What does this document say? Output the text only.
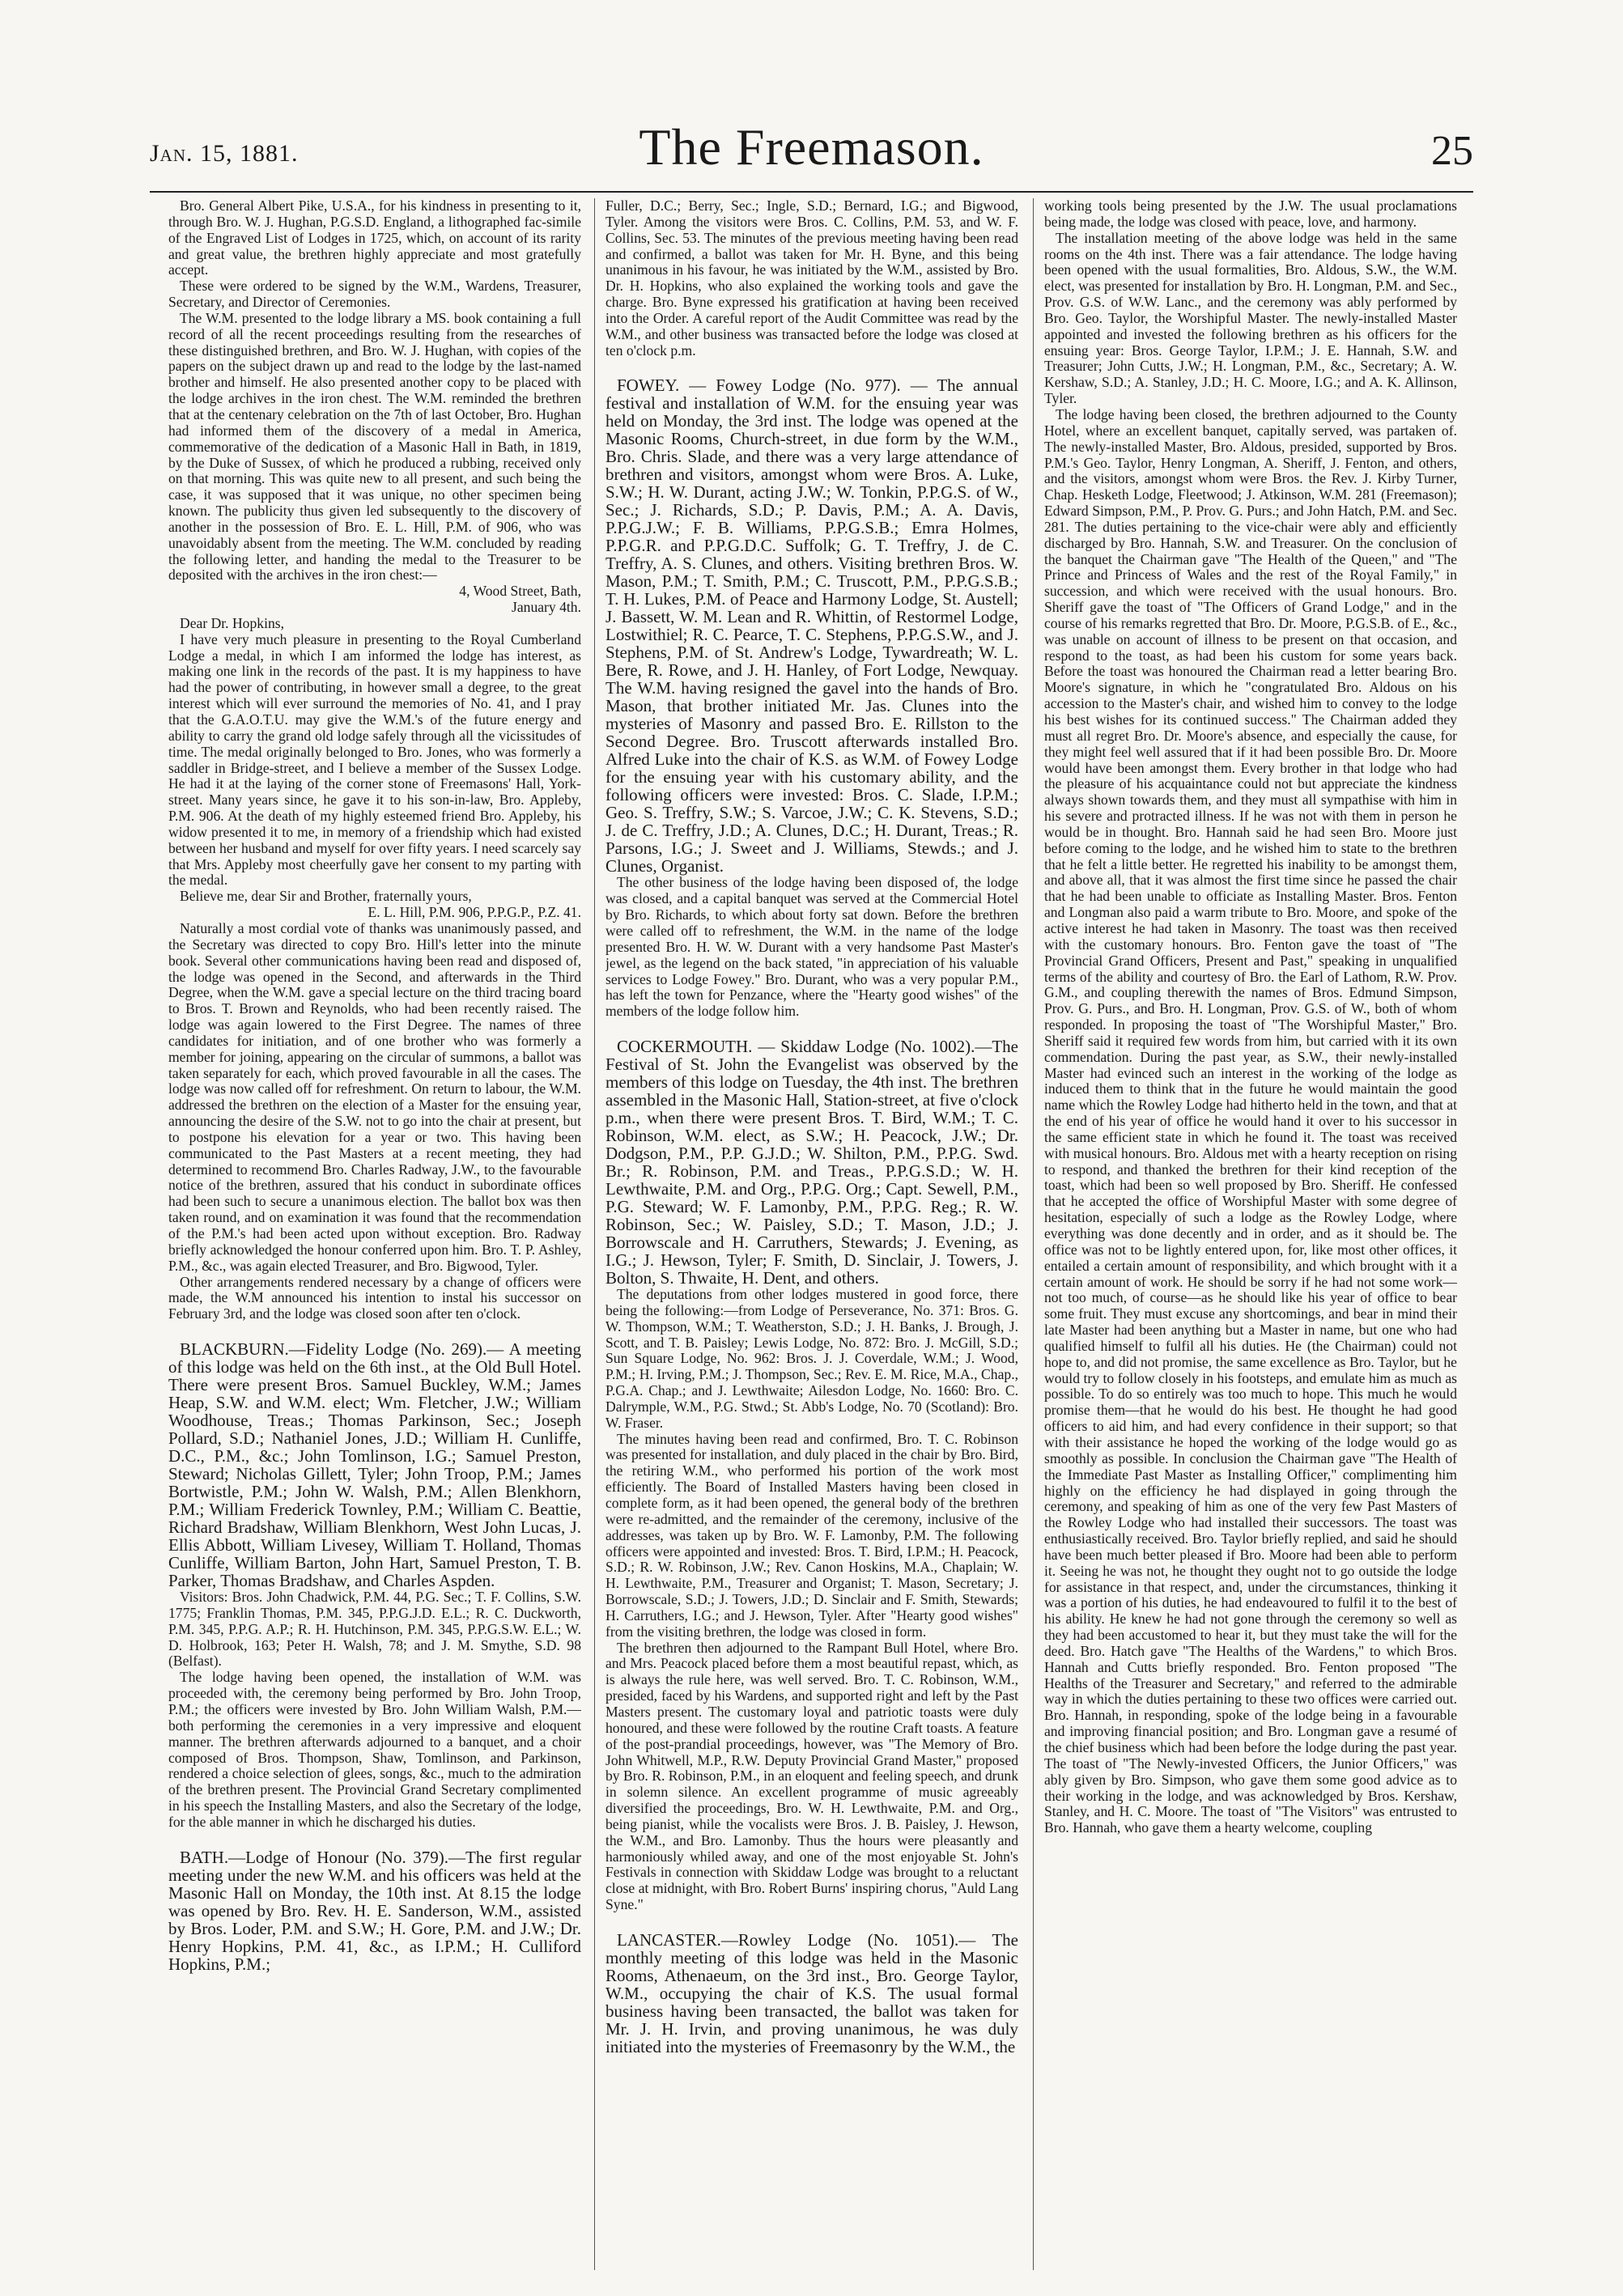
Jan. 15, 1881.	The Freemason.	25

Bro. General Albert Pike, U.S.A., for his kindness in presenting to it, through Bro. W. J. Hughan, P.G.S.D. England, a lithographed fac-simile of the Engraved List of Lodges in 1725, which, on account of its rarity and great value, the brethren highly appreciate and most gratefully accept.

These were ordered to be signed by the W.M., Wardens, Treasurer, Secretary, and Director of Ceremonies.

The W.M. presented to the lodge library a MS. book containing a full record of all the recent proceedings resulting from the researches of these distinguished brethren, and Bro. W. J. Hughan, with copies of the papers on the subject drawn up and read to the lodge by the last-named brother and himself. He also presented another copy to be placed with the lodge archives in the iron chest. The W.M. reminded the brethren that at the centenary celebration on the 7th of last October, Bro. Hughan had informed them of the discovery of a medal in America, commemorative of the dedication of a Masonic Hall in Bath, in 1819, by the Duke of Sussex, of which he produced a rubbing, received only on that morning. This was quite new to all present, and such being the case, it was supposed that it was unique, no other specimen being known. The publicity thus given led subsequently to the discovery of another in the possession of Bro. E. L. Hill, P.M. of 906, who was unavoidably absent from the meeting. The W.M. concluded by reading the following letter, and handing the medal to the Treasurer to be deposited with the archives in the iron chest:—

4, Wood Street, Bath,

January 4th.

Dear Dr. Hopkins,

I have very much pleasure in presenting to the Royal Cumberland Lodge a medal, in which I am informed the lodge has interest, as making one link in the records of the past. It is my happiness to have had the power of contributing, in however small a degree, to the great interest which will ever surround the memories of No. 41, and I pray that the G.A.O.T.U. may give the W.M.'s of the future energy and ability to carry the grand old lodge safely through all the vicissitudes of time. The medal originally belonged to Bro. Jones, who was formerly a saddler in Bridge-street, and I believe a member of the Sussex Lodge. He had it at the laying of the corner stone of Freemasons' Hall, York-street. Many years since, he gave it to his son-in-law, Bro. Appleby, P.M. 906. At the death of my highly esteemed friend Bro. Appleby, his widow presented it to me, in memory of a friendship which had existed between her husband and myself for over fifty years. I need scarcely say that Mrs. Appleby most cheerfully gave her consent to my parting with the medal.

Believe me, dear Sir and Brother, fraternally yours,

E. L. Hill, P.M. 906, P.P.G.P., P.Z. 41.

Naturally a most cordial vote of thanks was unanimously passed, and the Secretary was directed to copy Bro. Hill's letter into the minute book. Several other communications having been read and disposed of, the lodge was opened in the Second, and afterwards in the Third Degree, when the W.M. gave a special lecture on the third tracing board to Bros. T. Brown and Reynolds, who had been recently raised. The lodge was again lowered to the First Degree. The names of three candidates for initiation, and of one brother who was formerly a member for joining, appearing on the circular of summons, a ballot was taken separately for each, which proved favourable in all the cases. The lodge was now called off for refreshment. On return to labour, the W.M. addressed the brethren on the election of a Master for the ensuing year, announcing the desire of the S.W. not to go into the chair at present, but to postpone his elevation for a year or two. This having been communicated to the Past Masters at a recent meeting, they had determined to recommend Bro. Charles Radway, J.W., to the favourable notice of the brethren, assured that his conduct in subordinate offices had been such to secure a unanimous election. The ballot box was then taken round, and on examination it was found that the recommendation of the P.M.'s had been acted upon without exception. Bro. Radway briefly acknowledged the honour conferred upon him. Bro. T. P. Ashley, P.M., &c., was again elected Treasurer, and Bro. Bigwood, Tyler.

Other arrangements rendered necessary by a change of officers were made, the W.M announced his intention to instal his successor on February 3rd, and the lodge was closed soon after ten o'clock.

BLACKBURN.—Fidelity Lodge (No. 269).— A meeting of this lodge was held on the 6th inst., at the Old Bull Hotel. There were present Bros. Samuel Buckley, W.M.; James Heap, S.W. and W.M. elect; Wm. Fletcher, J.W.; William Woodhouse, Treas.; Thomas Parkinson, Sec.; Joseph Pollard, S.D.; Nathaniel Jones, J.D.; William H. Cunliffe, D.C., P.M., &c.; John Tomlinson, I.G.; Samuel Preston, Steward; Nicholas Gillett, Tyler; John Troop, P.M.; James Bortwistle, P.M.; John W. Walsh, P.M.; Allen Blenkhorn, P.M.; William Frederick Townley, P.M.; William C. Beattie, Richard Bradshaw, William Blenkhorn, West John Lucas, J. Ellis Abbott, William Livesey, William T. Holland, Thomas Cunliffe, William Barton, John Hart, Samuel Preston, T. B. Parker, Thomas Bradshaw, and Charles Aspden.

Visitors: Bros. John Chadwick, P.M. 44, P.G. Sec.; T. F. Collins, S.W. 1775; Franklin Thomas, P.M. 345, P.P.G.J.D. E.L.; R. C. Duckworth, P.M. 345, P.P.G. A.P.; R. H. Hutchinson, P.M. 345, P.P.G.S.W. E.L.; W. D. Holbrook, 163; Peter H. Walsh, 78; and J. M. Smythe, S.D. 98 (Belfast).

The lodge having been opened, the installation of W.M. was proceeded with, the ceremony being performed by Bro. John Troop, P.M.; the officers were invested by Bro. John William Walsh, P.M.—both performing the ceremonies in a very impressive and eloquent manner. The brethren afterwards adjourned to a banquet, and a choir composed of Bros. Thompson, Shaw, Tomlinson, and Parkinson, rendered a choice selection of glees, songs, &c., much to the admiration of the brethren present. The Provincial Grand Secretary complimented in his speech the Installing Masters, and also the Secretary of the lodge, for the able manner in which he discharged his duties.

BATH.—Lodge of Honour (No. 379).—The first regular meeting under the new W.M. and his officers was held at the Masonic Hall on Monday, the 10th inst. At 8.15 the lodge was opened by Bro. Rev. H. E. Sanderson, W.M., assisted by Bros. Loder, P.M. and S.W.; H. Gore, P.M. and J.W.; Dr. Henry Hopkins, P.M. 41, &c., as I.P.M.; H. Culliford Hopkins, P.M.;

Fuller, D.C.; Berry, Sec.; Ingle, S.D.; Bernard, I.G.; and Bigwood, Tyler. Among the visitors were Bros. C. Collins, P.M. 53, and W. F. Collins, Sec. 53. The minutes of the previous meeting having been read and confirmed, a ballot was taken for Mr. H. Byne, and this being unanimous in his favour, he was initiated by the W.M., assisted by Bro. Dr. H. Hopkins, who also explained the working tools and gave the charge. Bro. Byne expressed his gratification at having been received into the Order. A careful report of the Audit Committee was read by the W.M., and other business was transacted before the lodge was closed at ten o'clock p.m.

FOWEY. — Fowey Lodge (No. 977). — The annual festival and installation of W.M. for the ensuing year was held on Monday, the 3rd inst. The lodge was opened at the Masonic Rooms, Church-street, in due form by the W.M., Bro. Chris. Slade, and there was a very large attendance of brethren and visitors, amongst whom were Bros. A. Luke, S.W.; H. W. Durant, acting J.W.; W. Tonkin, P.P.G.S. of W., Sec.; J. Richards, S.D.; P. Davis, P.M.; A. A. Davis, P.P.G.J.W.; F. B. Williams, P.P.G.S.B.; Emra Holmes, P.P.G.R. and P.P.G.D.C. Suffolk; G. T. Treffry, J. de C. Treffry, A. S. Clunes, and others. Visiting brethren Bros. W. Mason, P.M.; T. Smith, P.M.; C. Truscott, P.M., P.P.G.S.B.; T. H. Lukes, P.M. of Peace and Harmony Lodge, St. Austell; J. Bassett, W. M. Lean and R. Whittin, of Restormel Lodge, Lostwithiel; R. C. Pearce, T. C. Stephens, P.P.G.S.W., and J. Stephens, P.M. of St. Andrew's Lodge, Tywardreath; W. L. Bere, R. Rowe, and J. H. Hanley, of Fort Lodge, Newquay. The W.M. having resigned the gavel into the hands of Bro. Mason, that brother initiated Mr. Jas. Clunes into the mysteries of Masonry and passed Bro. E. Rillston to the Second Degree. Bro. Truscott afterwards installed Bro. Alfred Luke into the chair of K.S. as W.M. of Fowey Lodge for the ensuing year with his customary ability, and the following officers were invested: Bros. C. Slade, I.P.M.; Geo. S. Treffry, S.W.; S. Varcoe, J.W.; C. K. Stevens, S.D.; J. de C. Treffry, J.D.; A. Clunes, D.C.; H. Durant, Treas.; R. Parsons, I.G.; J. Sweet and J. Williams, Stewds.; and J. Clunes, Organist.

The other business of the lodge having been disposed of, the lodge was closed, and a capital banquet was served at the Commercial Hotel by Bro. Richards, to which about forty sat down. Before the brethren were called off to refreshment, the W.M. in the name of the lodge presented Bro. H. W. W. Durant with a very handsome Past Master's jewel, as the legend on the back stated, "in appreciation of his valuable services to Lodge Fowey." Bro. Durant, who was a very popular P.M., has left the town for Penzance, where the "Hearty good wishes" of the members of the lodge follow him.

COCKERMOUTH. — Skiddaw Lodge (No. 1002).—The Festival of St. John the Evangelist was observed by the members of this lodge on Tuesday, the 4th inst. The brethren assembled in the Masonic Hall, Station-street, at five o'clock p.m., when there were present Bros. T. Bird, W.M.; T. C. Robinson, W.M. elect, as S.W.; H. Peacock, J.W.; Dr. Dodgson, P.M., P.P. G.J.D.; W. Shilton, P.M., P.P.G. Swd. Br.; R. Robinson, P.M. and Treas., P.P.G.S.D.; W. H. Lewthwaite, P.M. and Org., P.P.G. Org.; Capt. Sewell, P.M., P.G. Steward; W. F. Lamonby, P.M., P.P.G. Reg.; R. W. Robinson, Sec.; W. Paisley, S.D.; T. Mason, J.D.; J. Borrowscale and H. Carruthers, Stewards; J. Evening, as I.G.; J. Hewson, Tyler; F. Smith, D. Sinclair, J. Towers, J. Bolton, S. Thwaite, H. Dent, and others.

The deputations from other lodges mustered in good force, there being the following:—from Lodge of Perseverance, No. 371: Bros. G. W. Thompson, W.M.; T. Weatherston, S.D.; J. H. Banks, J. Brough, J. Scott, and T. B. Paisley; Lewis Lodge, No. 872: Bro. J. McGill, S.D.; Sun Square Lodge, No. 962: Bros. J. J. Coverdale, W.M.; J. Wood, P.M.; H. Irving, P.M.; J. Thompson, Sec.; Rev. E. M. Rice, M.A., Chap., P.G.A. Chap.; and J. Lewthwaite; Ailesdon Lodge, No. 1660: Bro. C. Dalrymple, W.M., P.G. Stwd.; St. Abb's Lodge, No. 70 (Scotland): Bro. W. Fraser.

The minutes having been read and confirmed, Bro. T. C. Robinson was presented for installation, and duly placed in the chair by Bro. Bird, the retiring W.M., who performed his portion of the work most efficiently. The Board of Installed Masters having been closed in complete form, as it had been opened, the general body of the brethren were re-admitted, and the remainder of the ceremony, inclusive of the addresses, was taken up by Bro. W. F. Lamonby, P.M. The following officers were appointed and invested: Bros. T. Bird, I.P.M.; H. Peacock, S.D.; R. W. Robinson, J.W.; Rev. Canon Hoskins, M.A., Chaplain; W. H. Lewthwaite, P.M., Treasurer and Organist; T. Mason, Secretary; J. Borrowscale, S.D.; J. Towers, J.D.; D. Sinclair and F. Smith, Stewards; H. Carruthers, I.G.; and J. Hewson, Tyler. After "Hearty good wishes" from the visiting brethren, the lodge was closed in form.

The brethren then adjourned to the Rampant Bull Hotel, where Bro. and Mrs. Peacock placed before them a most beautiful repast, which, as is always the rule here, was well served. Bro. T. C. Robinson, W.M., presided, faced by his Wardens, and supported right and left by the Past Masters present. The customary loyal and patriotic toasts were duly honoured, and these were followed by the routine Craft toasts. A feature of the post-prandial proceedings, however, was "The Memory of Bro. John Whitwell, M.P., R.W. Deputy Provincial Grand Master," proposed by Bro. R. Robinson, P.M., in an eloquent and feeling speech, and drunk in solemn silence. An excellent programme of music agreeably diversified the proceedings, Bro. W. H. Lewthwaite, P.M. and Org., being pianist, while the vocalists were Bros. J. B. Paisley, J. Hewson, the W.M., and Bro. Lamonby. Thus the hours were pleasantly and harmoniously whiled away, and one of the most enjoyable St. John's Festivals in connection with Skiddaw Lodge was brought to a reluctant close at midnight, with Bro. Robert Burns' inspiring chorus, "Auld Lang Syne."

LANCASTER.—Rowley Lodge (No. 1051).— The monthly meeting of this lodge was held in the Masonic Rooms, Athenaeum, on the 3rd inst., Bro. George Taylor, W.M., occupying the chair of K.S. The usual formal business having been transacted, the ballot was taken for Mr. J. H. Irvin, and proving unanimous, he was duly initiated into the mysteries of Freemasonry by the W.M., the

working tools being presented by the J.W. The usual proclamations being made, the lodge was closed with peace, love, and harmony.

The installation meeting of the above lodge was held in the same rooms on the 4th inst. There was a fair attendance. The lodge having been opened with the usual formalities, Bro. Aldous, S.W., the W.M. elect, was presented for installation by Bro. H. Longman, P.M. and Sec., Prov. G.S. of W.W. Lanc., and the ceremony was ably performed by Bro. Geo. Taylor, the Worshipful Master. The newly-installed Master appointed and invested the following brethren as his officers for the ensuing year: Bros. George Taylor, I.P.M.; J. E. Hannah, S.W. and Treasurer; John Cutts, J.W.; H. Longman, P.M., &c., Secretary; A. W. Kershaw, S.D.; A. Stanley, J.D.; H. C. Moore, I.G.; and A. K. Allinson, Tyler.

The lodge having been closed, the brethren adjourned to the County Hotel, where an excellent banquet, capitally served, was partaken of. The newly-installed Master, Bro. Aldous, presided, supported by Bros. P.M.'s Geo. Taylor, Henry Longman, A. Sheriff, J. Fenton, and others, and the visitors, amongst whom were Bros. the Rev. J. Kirby Turner, Chap. Hesketh Lodge, Fleetwood; J. Atkinson, W.M. 281 (Freemason); Edward Simpson, P.M., P. Prov. G. Purs.; and John Hatch, P.M. and Sec. 281. The duties pertaining to the vice-chair were ably and efficiently discharged by Bro. Hannah, S.W. and Treasurer. On the conclusion of the banquet the Chairman gave "The Health of the Queen," and "The Prince and Princess of Wales and the rest of the Royal Family," in succession, and which were received with the usual honours. Bro. Sheriff gave the toast of "The Officers of Grand Lodge," and in the course of his remarks regretted that Bro. Dr. Moore, P.G.S.B. of E., &c., was unable on account of illness to be present on that occasion, and respond to the toast, as had been his custom for some years back. Before the toast was honoured the Chairman read a letter bearing Bro. Moore's signature, in which he "congratulated Bro. Aldous on his accession to the Master's chair, and wished him to convey to the lodge his best wishes for its continued success." The Chairman added they must all regret Bro. Dr. Moore's absence, and especially the cause, for they might feel well assured that if it had been possible Bro. Dr. Moore would have been amongst them. Every brother in that lodge who had the pleasure of his acquaintance could not but appreciate the kindness always shown towards them, and they must all sympathise with him in his severe and protracted illness. If he was not with them in person he would be in thought. Bro. Hannah said he had seen Bro. Moore just before coming to the lodge, and he wished him to state to the brethren that he felt a little better. He regretted his inability to be amongst them, and above all, that it was almost the first time since he passed the chair that he had been unable to officiate as Installing Master. Bros. Fenton and Longman also paid a warm tribute to Bro. Moore, and spoke of the active interest he had taken in Masonry. The toast was then received with the customary honours. Bro. Fenton gave the toast of "The Provincial Grand Officers, Present and Past," speaking in unqualified terms of the ability and courtesy of Bro. the Earl of Lathom, R.W. Prov. G.M., and coupling therewith the names of Bros. Edmund Simpson, Prov. G. Purs., and Bro. H. Longman, Prov. G.S. of W., both of whom responded. In proposing the toast of "The Worshipful Master," Bro. Sheriff said it required few words from him, but carried with it its own commendation. During the past year, as S.W., their newly-installed Master had evinced such an interest in the working of the lodge as induced them to think that in the future he would maintain the good name which the Rowley Lodge had hitherto held in the town, and that at the end of his year of office he would hand it over to his successor in the same efficient state in which he found it. The toast was received with musical honours. Bro. Aldous met with a hearty reception on rising to respond, and thanked the brethren for their kind reception of the toast, which had been so well proposed by Bro. Sheriff. He confessed that he accepted the office of Worshipful Master with some degree of hesitation, especially of such a lodge as the Rowley Lodge, where everything was done decently and in order, and as it should be. The office was not to be lightly entered upon, for, like most other offices, it entailed a certain amount of responsibility, and which brought with it a certain amount of work. He should be sorry if he had not some work—not too much, of course—as he should like his year of office to bear some fruit. They must excuse any shortcomings, and bear in mind their late Master had been anything but a Master in name, but one who had qualified himself to fulfil all his duties. He (the Chairman) could not hope to, and did not promise, the same excellence as Bro. Taylor, but he would try to follow closely in his footsteps, and emulate him as much as possible. To do so entirely was too much to hope. This much he would promise them—that he would do his best. He thought he had good officers to aid him, and had every confidence in their support; so that with their assistance he hoped the working of the lodge would go as smoothly as possible. In conclusion the Chairman gave "The Health of the Immediate Past Master as Installing Officer," complimenting him highly on the efficiency he had displayed in going through the ceremony, and speaking of him as one of the very few Past Masters of the Rowley Lodge who had installed their successors. The toast was enthusiastically received. Bro. Taylor briefly replied, and said he should have been much better pleased if Bro. Moore had been able to perform it. Seeing he was not, he thought they ought not to go outside the lodge for assistance in that respect, and, under the circumstances, thinking it was a portion of his duties, he had endeavoured to fulfil it to the best of his ability. He knew he had not gone through the ceremony so well as they had been accustomed to hear it, but they must take the will for the deed. Bro. Hatch gave "The Healths of the Wardens," to which Bros. Hannah and Cutts briefly responded. Bro. Fenton proposed "The Healths of the Treasurer and Secretary," and referred to the admirable way in which the duties pertaining to these two offices were carried out. Bro. Hannah, in responding, spoke of the lodge being in a favourable and improving financial position; and Bro. Longman gave a resumé of the chief business which had been before the lodge during the past year. The toast of "The Newly-invested Officers, the Junior Officers," was ably given by Bro. Simpson, who gave them some good advice as to their working in the lodge, and was acknowledged by Bros. Kershaw, Stanley, and H. C. Moore. The toast of "The Visitors" was entrusted to Bro. Hannah, who gave them a hearty welcome, coupling
